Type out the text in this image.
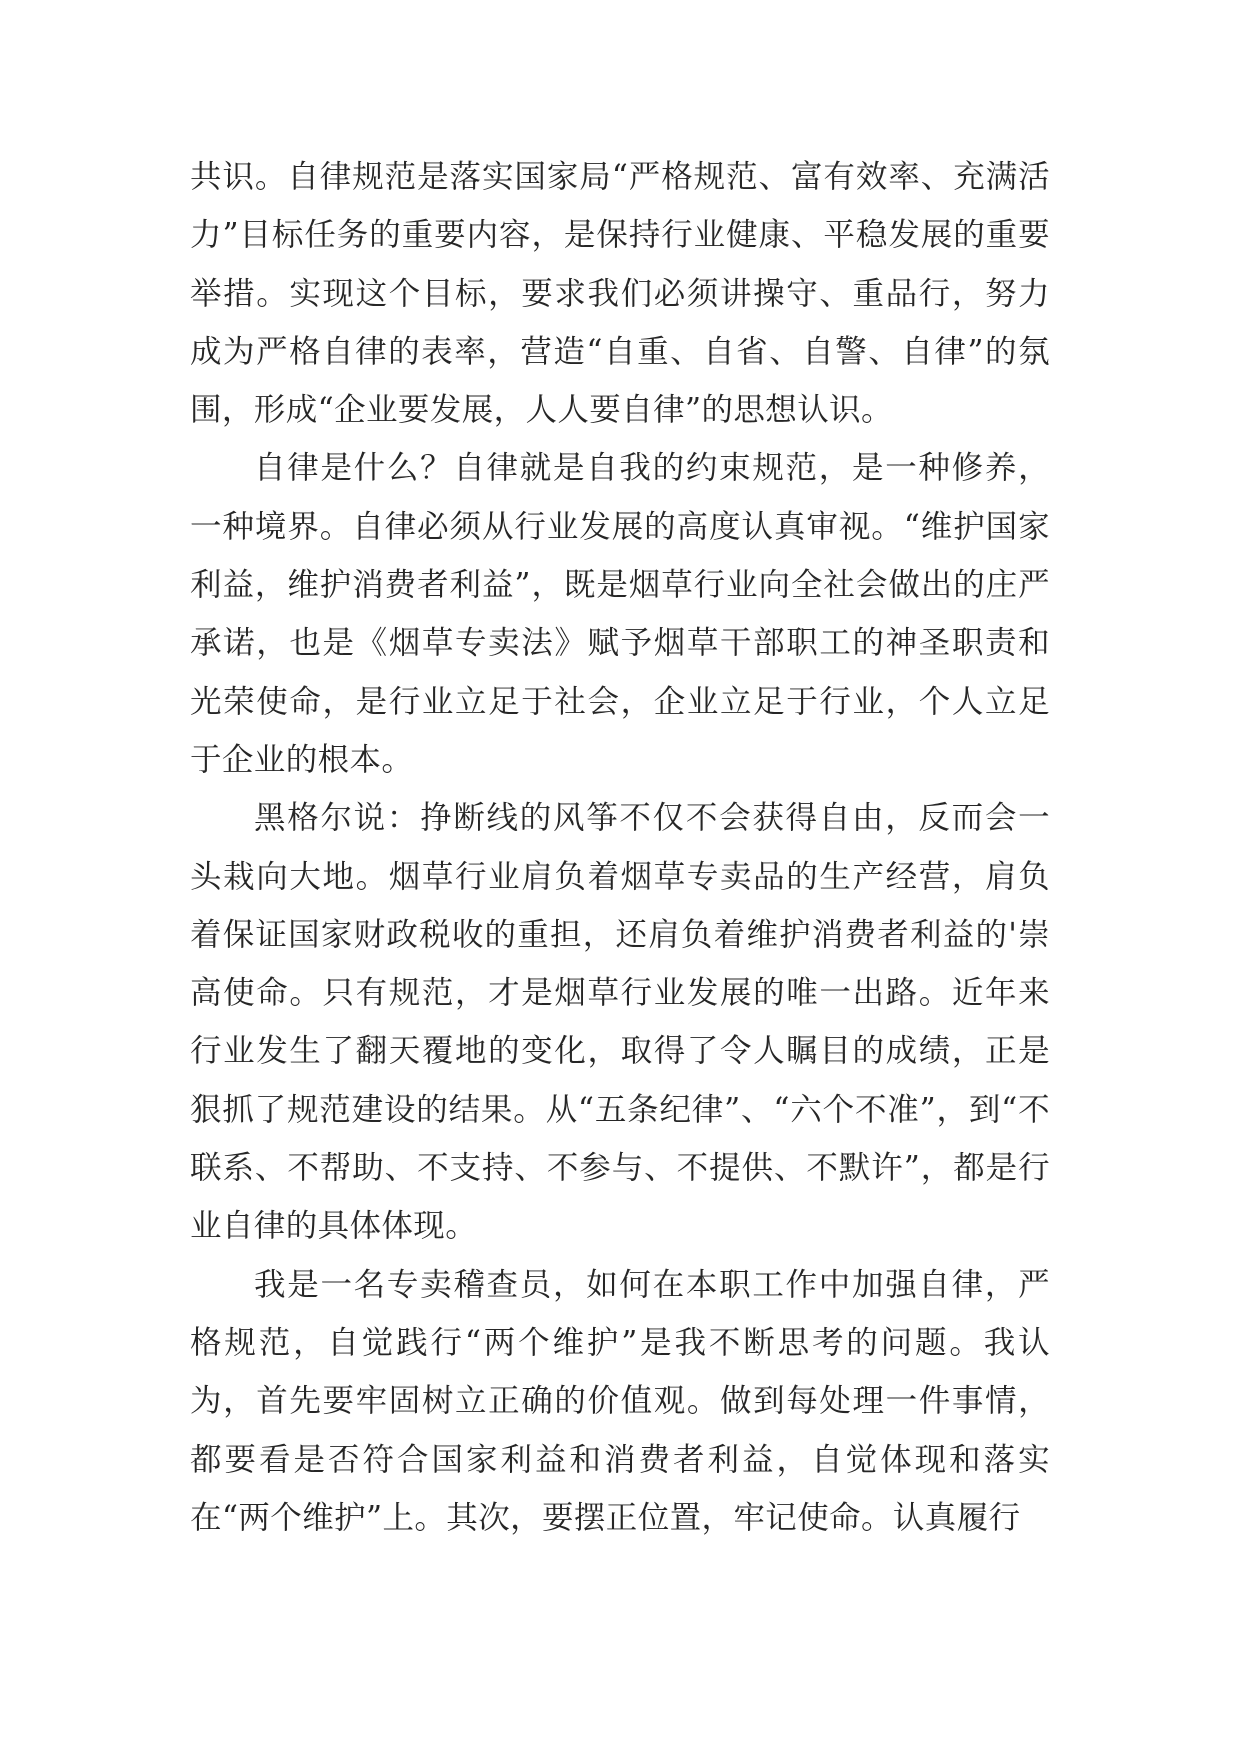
共识。自律规范是落实国家局“严格规范、富有效率、充满活力”目标任务的重要内容，是保持行业健康、平稳发展的重要举措。实现这个目标，要求我们必须讲操守、重品行，努力成为严格自律的表率，营造“自重、自省、自警、自律”的氛围，形成“企业要发展，人人要自律”的思想认识。

自律是什么？自律就是自我的约束规范，是一种修养，一种境界。自律必须从行业发展的高度认真审视。“维护国家利益，维护消费者利益”，既是烟草行业向全社会做出的庄严承诺，也是《烟草专卖法》赋予烟草干部职工的神圣职责和光荣使命，是行业立足于社会，企业立足于行业，个人立足于企业的根本。

黑格尔说：挣断线的风筝不仅不会获得自由，反而会一头栽向大地。烟草行业肩负着烟草专卖品的生产经营，肩负着保证国家财政税收的重担，还肩负着维护消费者利益的'崇高使命。只有规范，才是烟草行业发展的唯一出路。近年来行业发生了翻天覆地的变化，取得了令人瞩目的成绩，正是狠抓了规范建设的结果。从“五条纪律”、“六个不准”，到“不联系、不帮助、不支持、不参与、不提供、不默许”，都是行业自律的具体体现。

我是一名专卖稽查员，如何在本职工作中加强自律，严格规范，自觉践行“两个维护”是我不断思考的问题。我认为，首先要牢固树立正确的价值观。做到每处理一件事情，都要看是否符合国家利益和消费者利益，自觉体现和落实在“两个维护”上。其次，要摆正位置，牢记使命。认真履行
